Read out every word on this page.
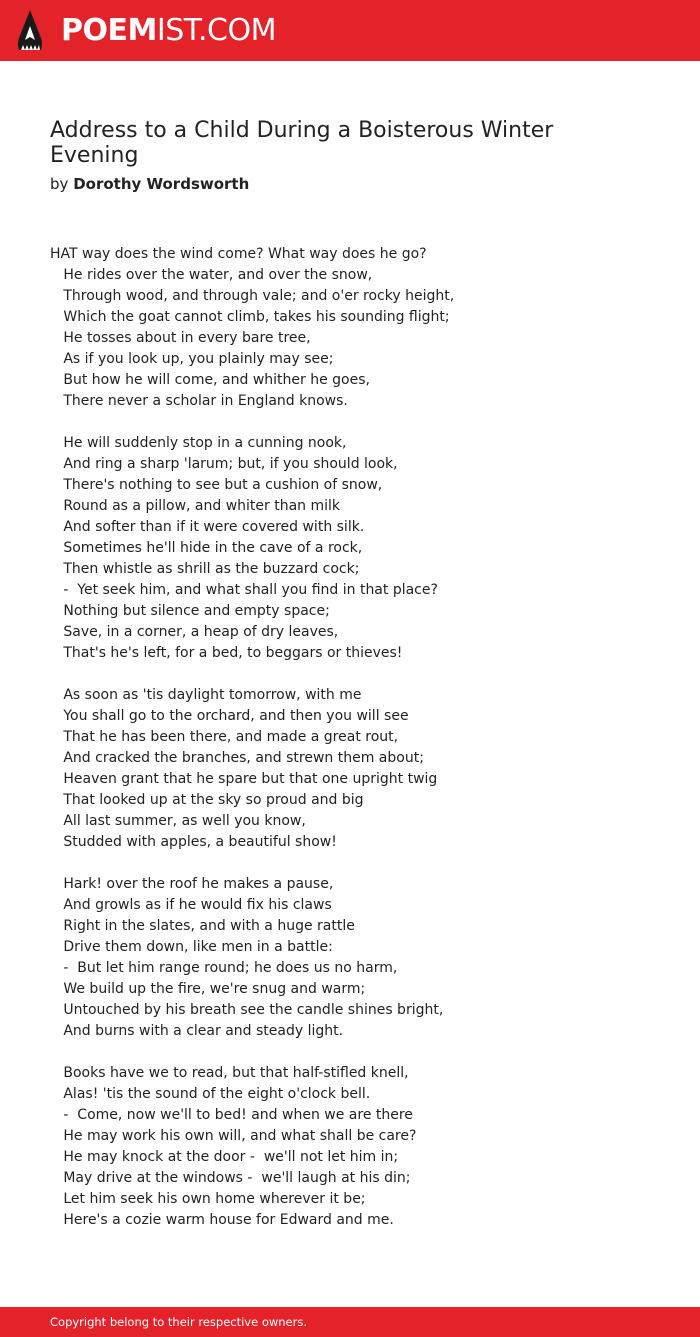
POEMIST.COM
Address to a Child During a Boisterous Winter Evening
by Dorothy Wordsworth
HAT way does the wind come? What way does he go?
He rides over the water, and over the snow,
Through wood, and through vale; and o'er rocky height,
Which the goat cannot climb, takes his sounding flight;
He tosses about in every bare tree,
As if you look up, you plainly may see;
But how he will come, and whither he goes,
There never a scholar in England knows.
He will suddenly stop in a cunning nook,
And ring a sharp 'larum; but, if you should look,
There's nothing to see but a cushion of snow,
Round as a pillow, and whiter than milk
And softer than if it were covered with silk.
Sometimes he'll hide in the cave of a rock,
Then whistle as shrill as the buzzard cock;
-  Yet seek him, and what shall you find in that place?
Nothing but silence and empty space;
Save, in a corner, a heap of dry leaves,
That's he's left, for a bed, to beggars or thieves!
As soon as 'tis daylight tomorrow, with me
You shall go to the orchard, and then you will see
That he has been there, and made a great rout,
And cracked the branches, and strewn them about;
Heaven grant that he spare but that one upright twig
That looked up at the sky so proud and big
All last summer, as well you know,
Studded with apples, a beautiful show!
Hark! over the roof he makes a pause,
And growls as if he would fix his claws
Right in the slates, and with a huge rattle
Drive them down, like men in a battle:
-  But let him range round; he does us no harm,
We build up the fire, we're snug and warm;
Untouched by his breath see the candle shines bright,
And burns with a clear and steady light.
Books have we to read, but that half-stifled knell,
Alas! 'tis the sound of the eight o'clock bell.
-  Come, now we'll to bed! and when we are there
He may work his own will, and what shall be care?
He may knock at the door -  we'll not let him in;
May drive at the windows -  we'll laugh at his din;
Let him seek his own home wherever it be;
Here's a cozie warm house for Edward and me.
Copyright belong to their respective owners.
